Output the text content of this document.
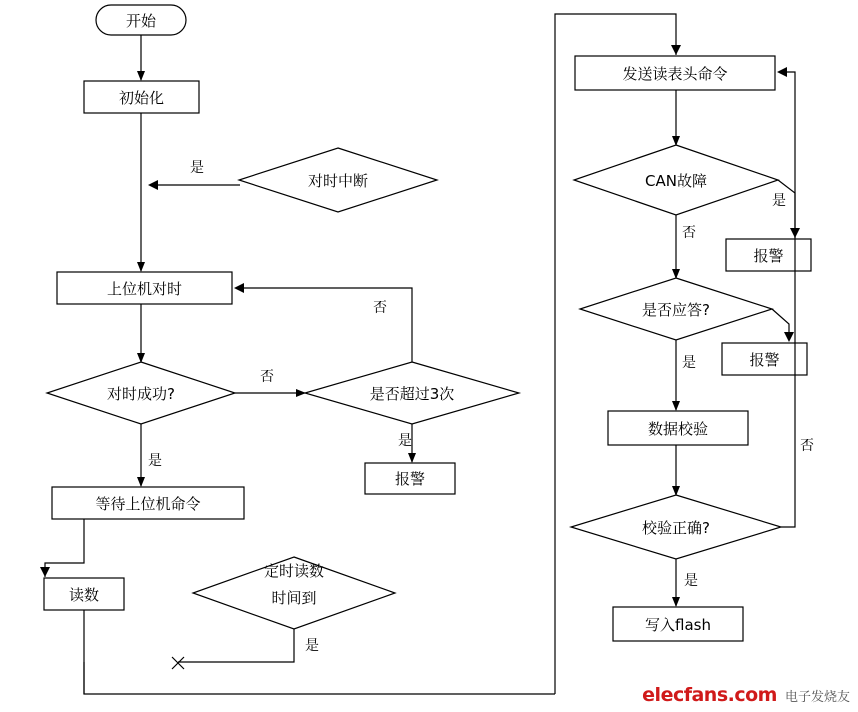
开始
初始化
对时中断
上位机对时
对时成功?	是否超过3次
报警
等待上位机命令
读数
定时读数
时间到
发送读表头命令
CAN故障
报警
是否应答?
报警
数据校验
校验正确?
写入flash
是
否
否
是
是
是
是
否
是
是
否
elecfans.com 电子发烧友
